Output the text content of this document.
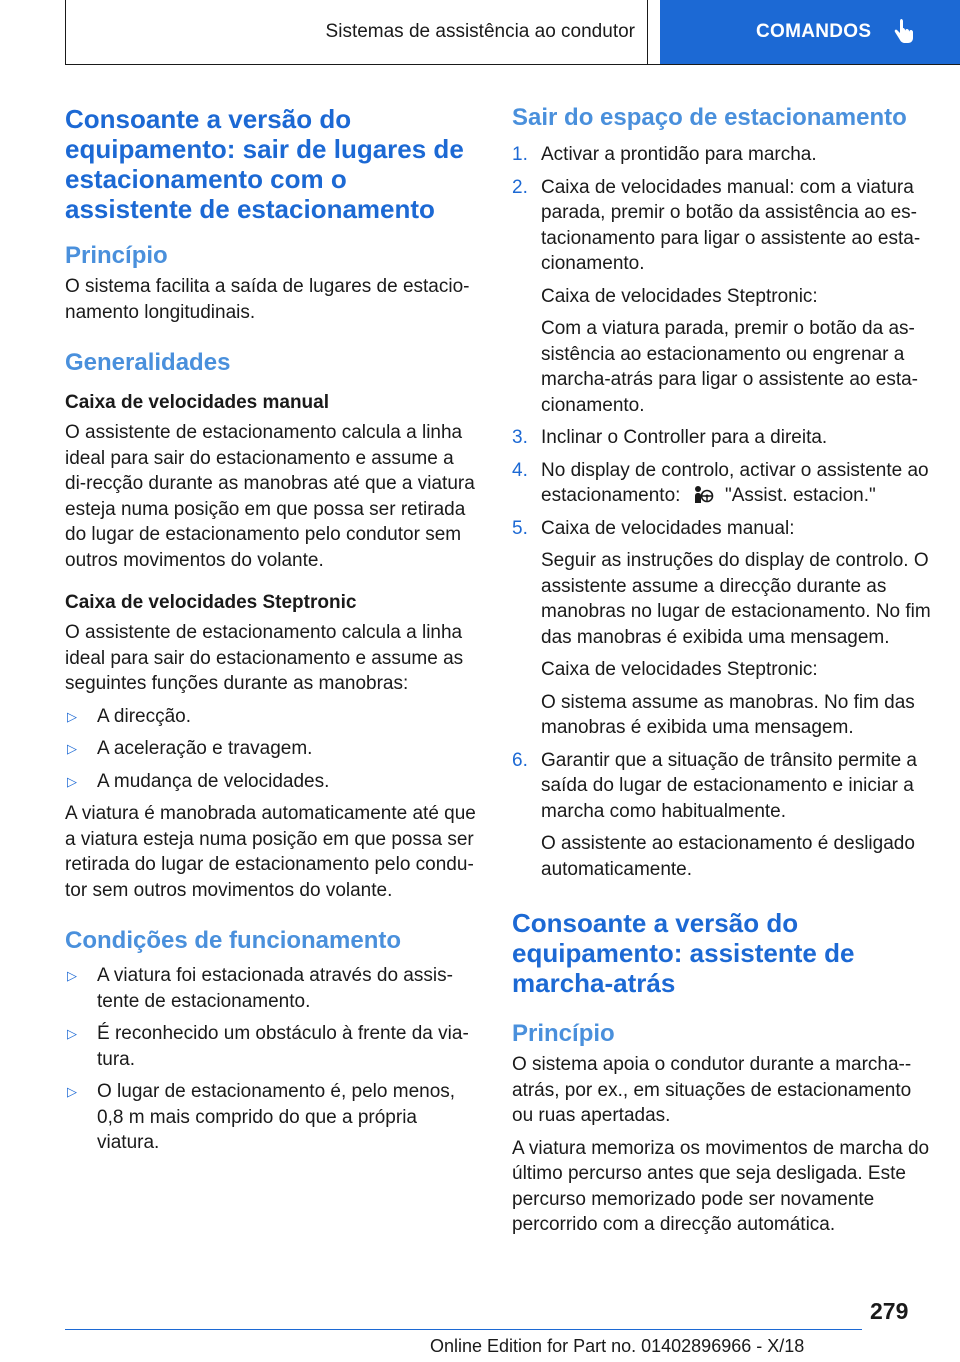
Sistemas de assistência ao condutor	COMANDOS
Consoante a versão do equipamento: sair de lugares de estacionamento com o assistente de estacionamento
Princípio

O sistema facilita a saída de lugares de estacio-namento longitudinais.

Generalidades
Caixa de velocidades manual

O assistente de estacionamento calcula a linha ideal para sair do estacionamento e assume a di-recção durante as manobras até que a viatura esteja numa posição em que possa ser retirada do lugar de estacionamento pelo condutor sem outros movimentos do volante.

Caixa de velocidades Steptronic

O assistente de estacionamento calcula a linha ideal para sair do estacionamento e assume as seguintes funções durante as manobras:

▷	A direcção.
▷	A aceleração e travagem.
▷	A mudança de velocidades.

A viatura é manobrada automaticamente até que a viatura esteja numa posição em que possa ser retirada do lugar de estacionamento pelo condu-tor sem outros movimentos do volante.

Condições de funcionamento
▷	A viatura foi estacionada através do assis-tente de estacionamento.
▷	É reconhecido um obstáculo à frente da via-tura.
▷	O lugar de estacionamento é, pelo menos, 0,8 m mais comprido do que a própria viatura.
Sair do espaço de estacionamento
1. Activar a prontidão para marcha.

2. Caixa de velocidades manual: com a viatura parada, premir o botão da assistência ao es-tacionamento para ligar o assistente ao esta-cionamento.

Caixa de velocidades Steptronic:

Com a viatura parada, premir o botão da as-sistência ao estacionamento ou engrenar a marcha-atrás para ligar o assistente ao esta-cionamento.

3. Inclinar o Controller para a direita.

4. No display de controlo, activar o assistente ao estacionamento: "Assist. estacion."

5. Caixa de velocidades manual:

Seguir as instruções do display de controlo. O assistente assume a direcção durante as manobras no lugar de estacionamento. No fim das manobras é exibida uma mensagem.

Caixa de velocidades Steptronic:

O sistema assume as manobras. No fim das manobras é exibida uma mensagem.

6. Garantir que a situação de trânsito permite a saída do lugar de estacionamento e iniciar a marcha como habitualmente.

O assistente ao estacionamento é desligado automaticamente.

Consoante a versão do equipamento: assistente de marcha-atrás
Princípio

O sistema apoia o condutor durante a marcha--atrás, por ex., em situações de estacionamento ou ruas apertadas.

A viatura memoriza os movimentos de marcha do último percurso antes que seja desligada. Este percurso memorizado pode ser novamente percorrido com a direcção automática.

279
Online Edition for Part no. 01402896966 - X/18
